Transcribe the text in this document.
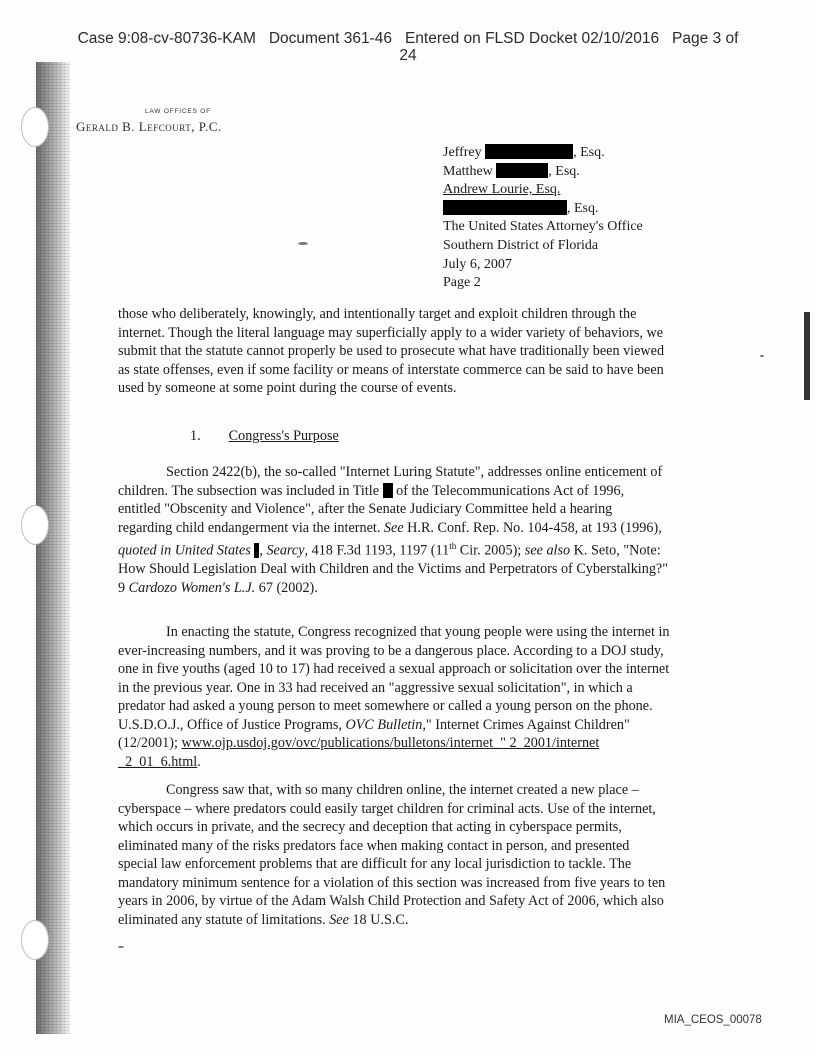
Case 9:08-cv-80736-KAM   Document 361-46   Entered on FLSD Docket 02/10/2016   Page 3 of
24
LAW OFFICES OF
Gerald B. Lefcourt, P.C.
Jeffrey	, Esq.
Matthew	, Esq.
Andrew Lourie, Esq.
, Esq.
The United States Attorney's Office
Southern District of Florida
July 6, 2007
Page 2
those who deliberately, knowingly, and intentionally target and exploit children through the internet. Though the literal language may superficially apply to a wider variety of behaviors, we submit that the statute cannot properly be used to prosecute what have traditionally been viewed as state offenses, even if some facility or means of interstate commerce can be said to have been used by someone at some point during the course of events.
1. Congress's Purpose
Section 2422(b), the so-called "Internet Luring Statute", addresses online enticement of children. The subsection was included in Title  of the Telecommunications Act of 1996, entitled "Obscenity and Violence", after the Senate Judiciary Committee held a hearing regarding child endangerment via the internet. See H.R. Conf. Rep. No. 104-458, at 193 (1996), quoted in United States , Searcy, 418 F.3d 1193, 1197 (11th Cir. 2005); see also K. Seto, "Note: How Should Legislation Deal with Children and the Victims and Perpetrators of Cyberstalking?" 9 Cardozo Women's L.J. 67 (2002).
In enacting the statute, Congress recognized that young people were using the internet in ever-increasing numbers, and it was proving to be a dangerous place. According to a DOJ study, one in five youths (aged 10 to 17) had received a sexual approach or solicitation over the internet in the previous year. One in 33 had received an "aggressive sexual solicitation", in which a predator had asked a young person to meet somewhere or called a young person on the phone. U.S.D.O.J., Office of Justice Programs, OVC Bulletin," Internet Crimes Against Children" (12/2001); www.ojp.usdoj.gov/ovc/publications/bulletons/internet_" 2_2001/internet _2_01_6.html.
Congress saw that, with so many children online, the internet created a new place – cyberspace – where predators could easily target children for criminal acts. Use of the internet, which occurs in private, and the secrecy and deception that acting in cyberspace permits, eliminated many of the risks predators face when making contact in person, and presented special law enforcement problems that are difficult for any local jurisdiction to tackle. The mandatory minimum sentence for a violation of this section was increased from five years to ten years in 2006, by virtue of the Adam Walsh Child Protection and Safety Act of 2006, which also eliminated any statute of limitations. See 18 U.S.C.
MIA_CEOS_00078
